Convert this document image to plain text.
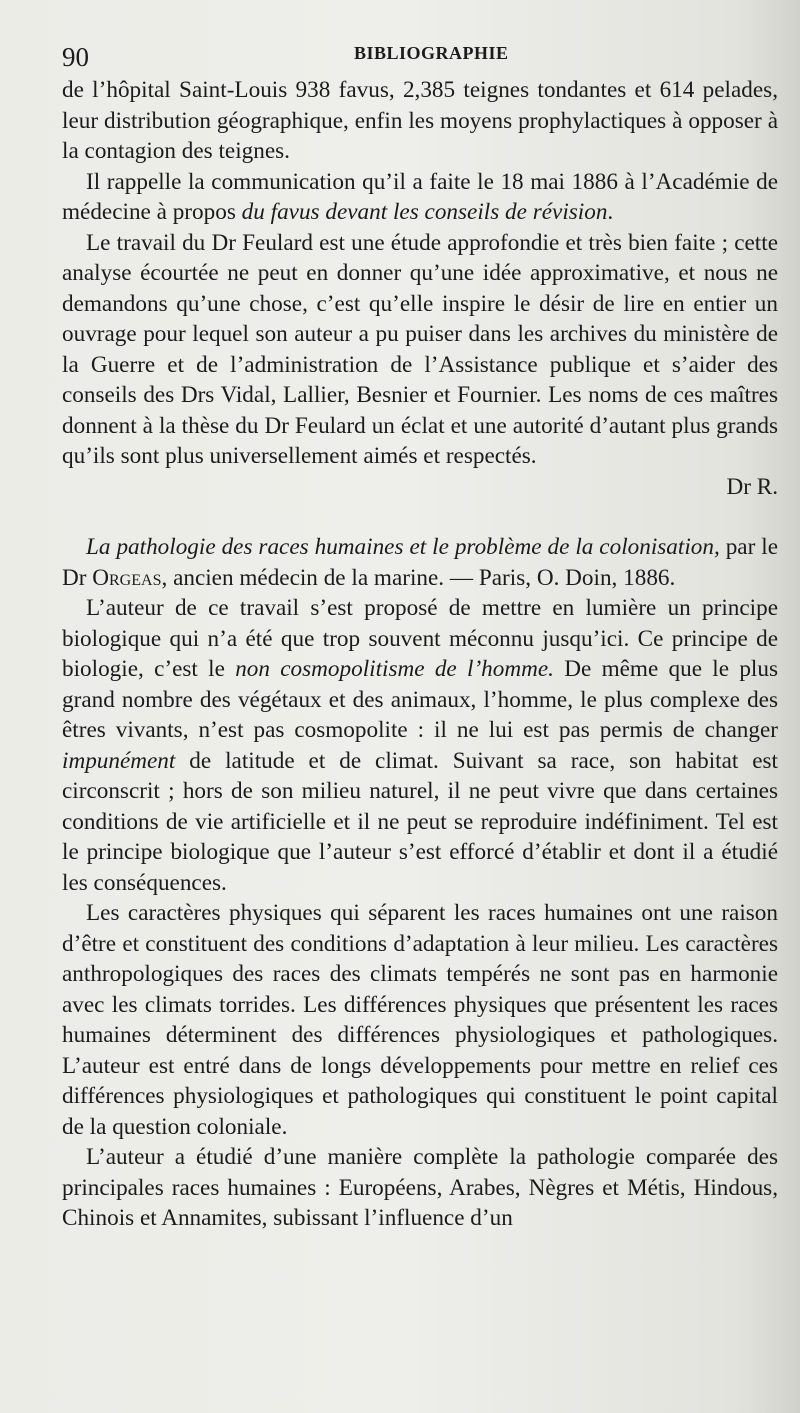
90	BIBLIOGRAPHIE

de l’hôpital Saint-Louis 938 favus, 2,385 teignes tondantes et 614 pelades, leur distribution géographique, enfin les moyens prophylactiques à opposer à la contagion des teignes.

Il rappelle la communication qu’il a faite le 18 mai 1886 à l’Académie de médecine à propos du favus devant les conseils de révision.

Le travail du Dr Feulard est une étude approfondie et très bien faite ; cette analyse écourtée ne peut en donner qu’une idée approximative, et nous ne demandons qu’une chose, c’est qu’elle inspire le désir de lire en entier un ouvrage pour lequel son auteur a pu puiser dans les archives du ministère de la Guerre et de l’administration de l’Assistance publique et s’aider des conseils des Drs Vidal, Lallier, Besnier et Fournier. Les noms de ces maîtres donnent à la thèse du Dr Feulard un éclat et une autorité d’autant plus grands qu’ils sont plus universellement aimés et respectés.

Dr R.

La pathologie des races humaines et le problème de la colonisation, par le Dr Orgeas, ancien médecin de la marine. — Paris, O. Doin, 1886.

L’auteur de ce travail s’est proposé de mettre en lumière un principe biologique qui n’a été que trop souvent méconnu jusqu’ici. Ce principe de biologie, c’est le non cosmopolitisme de l’homme. De même que le plus grand nombre des végétaux et des animaux, l’homme, le plus complexe des êtres vivants, n’est pas cosmopolite : il ne lui est pas permis de changer impunément de latitude et de climat. Suivant sa race, son habitat est circonscrit ; hors de son milieu naturel, il ne peut vivre que dans certaines conditions de vie artificielle et il ne peut se reproduire indéfiniment. Tel est le principe biologique que l’auteur s’est efforcé d’établir et dont il a étudié les conséquences.

Les caractères physiques qui séparent les races humaines ont une raison d’être et constituent des conditions d’adaptation à leur milieu. Les caractères anthropologiques des races des climats tempérés ne sont pas en harmonie avec les climats torrides. Les différences physiques que présentent les races humaines déterminent des différences physiologiques et pathologiques. L’auteur est entré dans de longs développements pour mettre en relief ces différences physiologiques et pathologiques qui constituent le point capital de la question coloniale.

L’auteur a étudié d’une manière complète la pathologie comparée des principales races humaines : Européens, Arabes, Nègres et Métis, Hindous, Chinois et Annamites, subissant l’influence d’un
